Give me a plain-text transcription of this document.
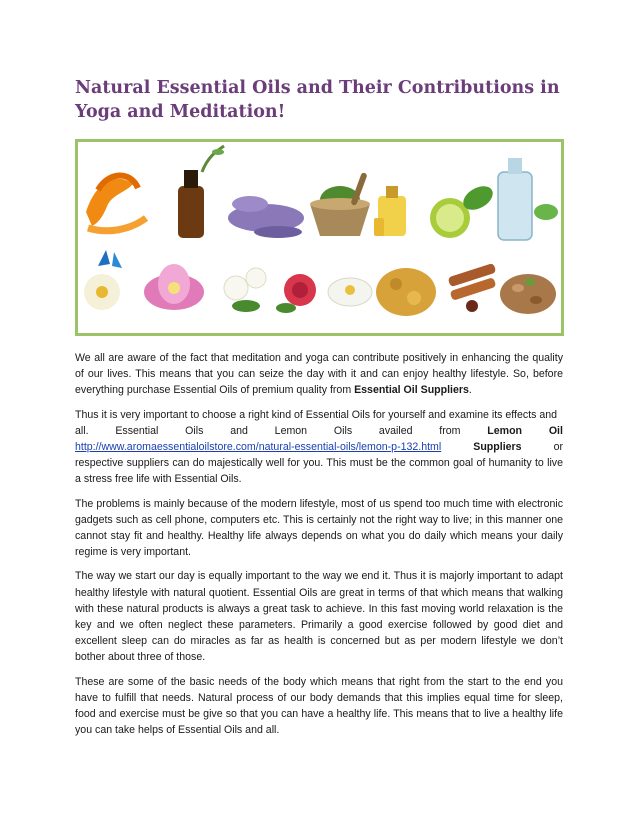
Natural Essential Oils and Their Contributions in Yoga and Meditation!

We all are aware of the fact that meditation and yoga can contribute positively in enhancing the quality of our lives. This means that you can seize the day with it and can enjoy healthy lifestyle. So, before everything purchase Essential Oils of premium quality from Essential Oil Suppliers.

Thus it is very important to choose a right kind of Essential Oils for yourself and examine its effects and

all.	Essential	Oils	and	Lemon	Oils	availed	from	Lemon	Oil
http://www.aromaessentialoilstore.com/natural-essential-oils/lemon-p-132.html	Suppliers	or
respective suppliers can do majestically well for you. This must be the common goal of humanity to live a stress free life with Essential Oils.

The problems is mainly because of the modern lifestyle, most of us spend too much time with electronic gadgets such as cell phone, computers etc. This is certainly not the right way to live; in this manner one cannot stay fit and healthy. Healthy life always depends on what you do daily which means your daily regime is very important.

The way we start our day is equally important to the way we end it. Thus it is majorly important to adapt healthy lifestyle with natural quotient. Essential Oils are great in terms of that which means that walking with these natural products is always a great task to achieve. In this fast moving world relaxation is the key and we often neglect these parameters. Primarily a good exercise followed by good diet and excellent sleep can do miracles as far as health is concerned but as per modern lifestyle we don’t bother about three of those.

These are some of the basic needs of the body which means that right from the start to the end you have to fulfill that needs. Natural process of our body demands that this implies equal time for sleep, food and exercise must be give so that you can have a healthy life. This means that to live a healthy life you can take helps of Essential Oils and all.
